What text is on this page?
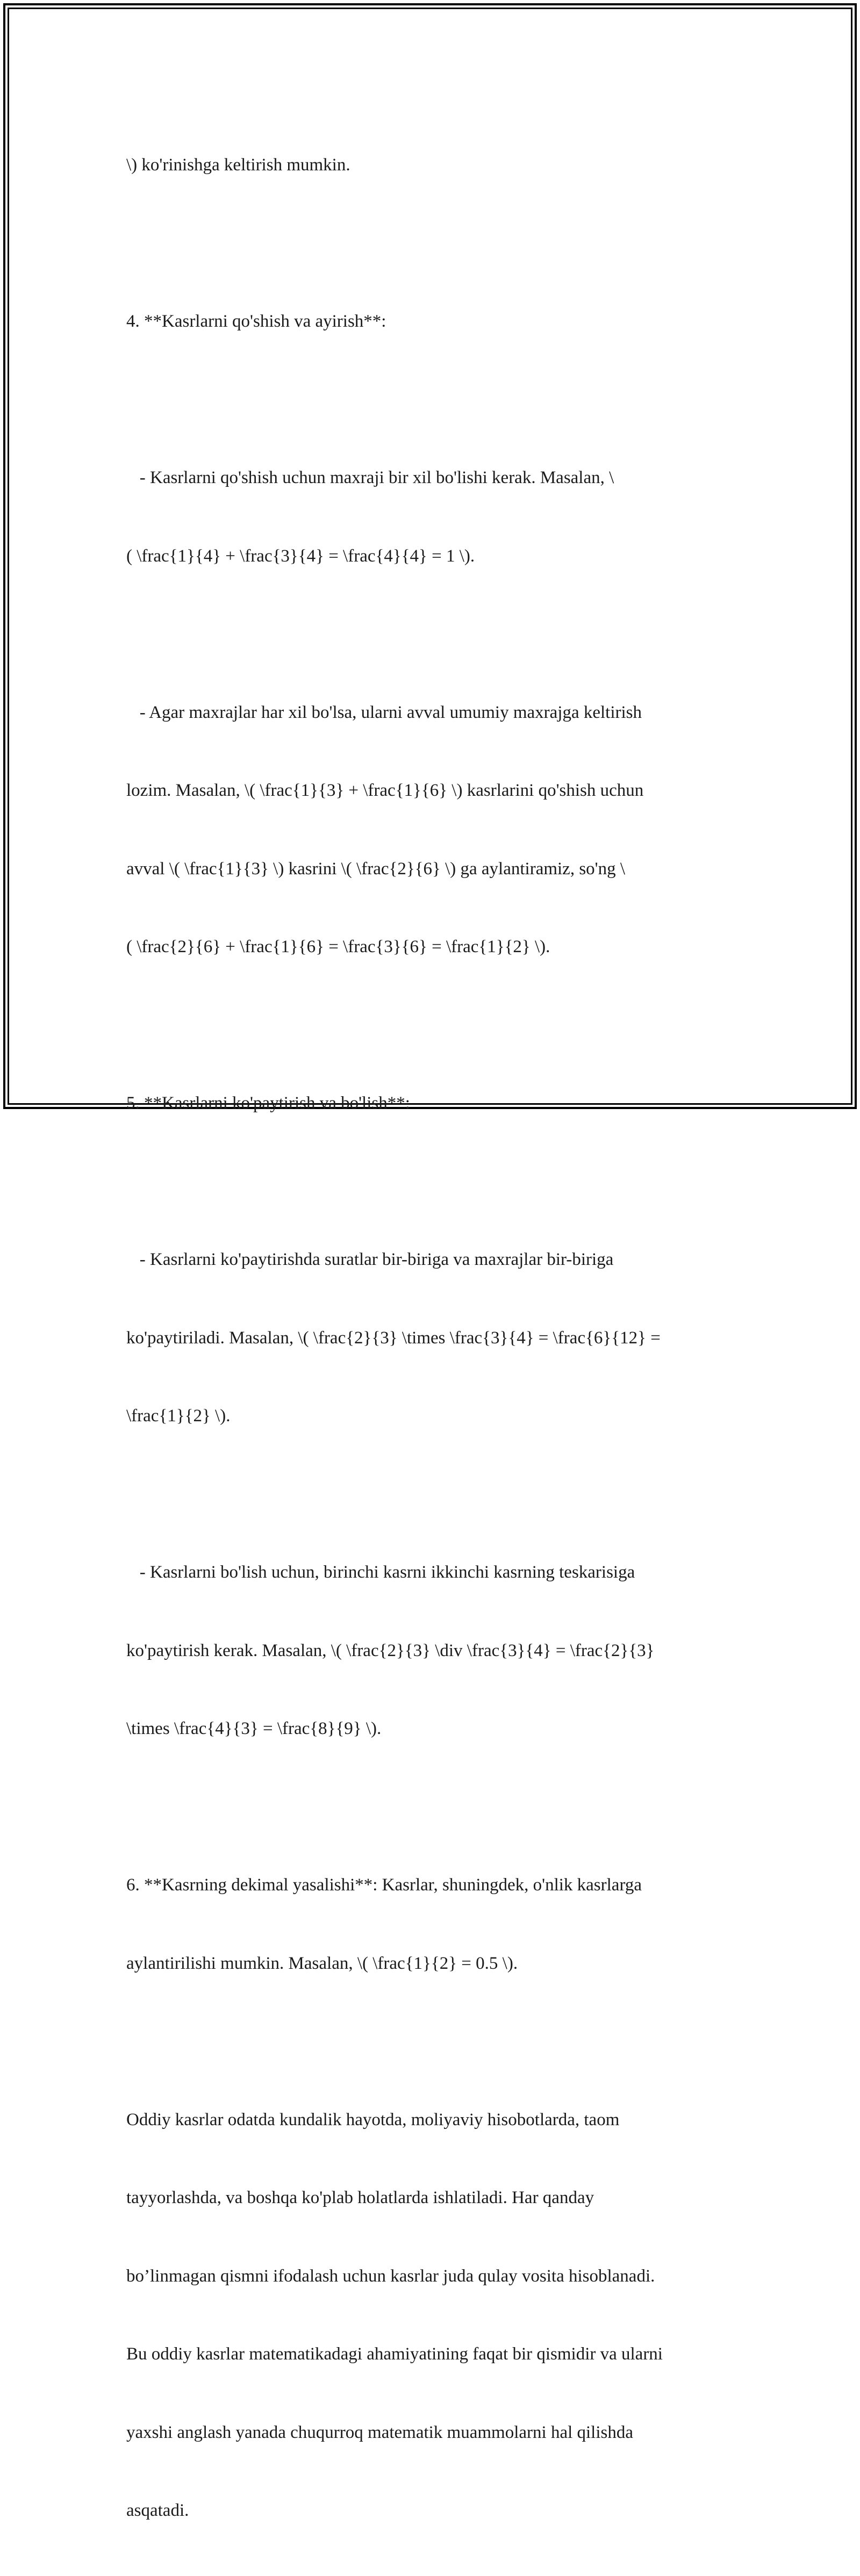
\) ko'rinishga keltirish mumkin.

4. **Kasrlarni qo'shish va ayirish**:

- Kasrlarni qo'shish uchun maxraji bir xil bo'lishi kerak. Masalan, \

( \frac{1}{4} + \frac{3}{4} = \frac{4}{4} = 1 \).

- Agar maxrajlar har xil bo'lsa, ularni avval umumiy maxrajga keltirish

lozim. Masalan, \( \frac{1}{3} + \frac{1}{6} \) kasrlarini qo'shish uchun

avval \( \frac{1}{3} \) kasrini \( \frac{2}{6} \) ga aylantiramiz, so'ng \

( \frac{2}{6} + \frac{1}{6} = \frac{3}{6} = \frac{1}{2} \).

5. **Kasrlarni ko'paytirish va bo'lish**:

- Kasrlarni ko'paytirishda suratlar bir-biriga va maxrajlar bir-biriga

ko'paytiriladi. Masalan, \( \frac{2}{3} \times \frac{3}{4} = \frac{6}{12} =

\frac{1}{2} \).

- Kasrlarni bo'lish uchun, birinchi kasrni ikkinchi kasrning teskarisiga

ko'paytirish kerak. Masalan, \( \frac{2}{3} \div \frac{3}{4} = \frac{2}{3}

\times \frac{4}{3} = \frac{8}{9} \).

6. **Kasrning dekimal yasalishi**: Kasrlar, shuningdek, o'nlik kasrlarga

aylantirilishi mumkin. Masalan, \( \frac{1}{2} = 0.5 \).

Oddiy kasrlar odatda kundalik hayotda, moliyaviy hisobotlarda, taom

tayyorlashda, va boshqa ko'plab holatlarda ishlatiladi. Har qanday

bo’linmagan qismni ifodalash uchun kasrlar juda qulay vosita hisoblanadi.

Bu oddiy kasrlar matematikadagi ahamiyatining faqat bir qismidir va ularni

yaxshi anglash yanada chuqurroq matematik muammolarni hal qilishda

asqatadi.
